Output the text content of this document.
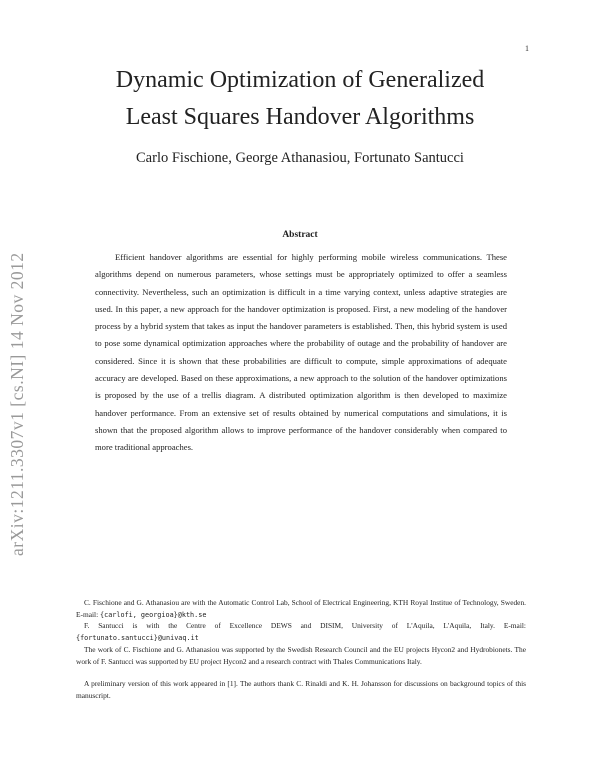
1
arXiv:1211.3307v1 [cs.NI] 14 Nov 2012
Dynamic Optimization of Generalized
Least Squares Handover Algorithms
Carlo Fischione, George Athanasiou, Fortunato Santucci
Abstract

Efficient handover algorithms are essential for highly performing mobile wireless communications. These algorithms depend on numerous parameters, whose settings must be appropriately optimized to offer a seamless connectivity. Nevertheless, such an optimization is difficult in a time varying context, unless adaptive strategies are used. In this paper, a new approach for the handover optimization is proposed. First, a new modeling of the handover process by a hybrid system that takes as input the handover parameters is established. Then, this hybrid system is used to pose some dynamical optimization approaches where the probability of outage and the probability of handover are considered. Since it is shown that these probabilities are difficult to compute, simple approximations of adequate accuracy are developed. Based on these approximations, a new approach to the solution of the handover optimizations is proposed by the use of a trellis diagram. A distributed optimization algorithm is then developed to maximize handover performance. From an extensive set of results obtained by numerical computations and simulations, it is shown that the proposed algorithm allows to improve performance of the handover considerably when compared to more traditional approaches.

C. Fischione and G. Athanasiou are with the Automatic Control Lab, School of Electrical Engineering, KTH Royal Institue of Technology, Sweden. E-mail: {carlofi, georgioa}@kth.se

F. Santucci is with the Centre of Excellence DEWS and DISIM, University of L'Aquila, L'Aquila, Italy. E-mail: {fortunato.santucci}@univaq.it

The work of C. Fischione and G. Athanasiou was supported by the Swedish Research Council and the EU projects Hycon2 and Hydrobionets. The work of F. Santucci was supported by EU project Hycon2 and a research contract with Thales Communications Italy.

A preliminary version of this work appeared in [1]. The authors thank C. Rinaldi and K. H. Johansson for discussions on background topics of this manuscript.
